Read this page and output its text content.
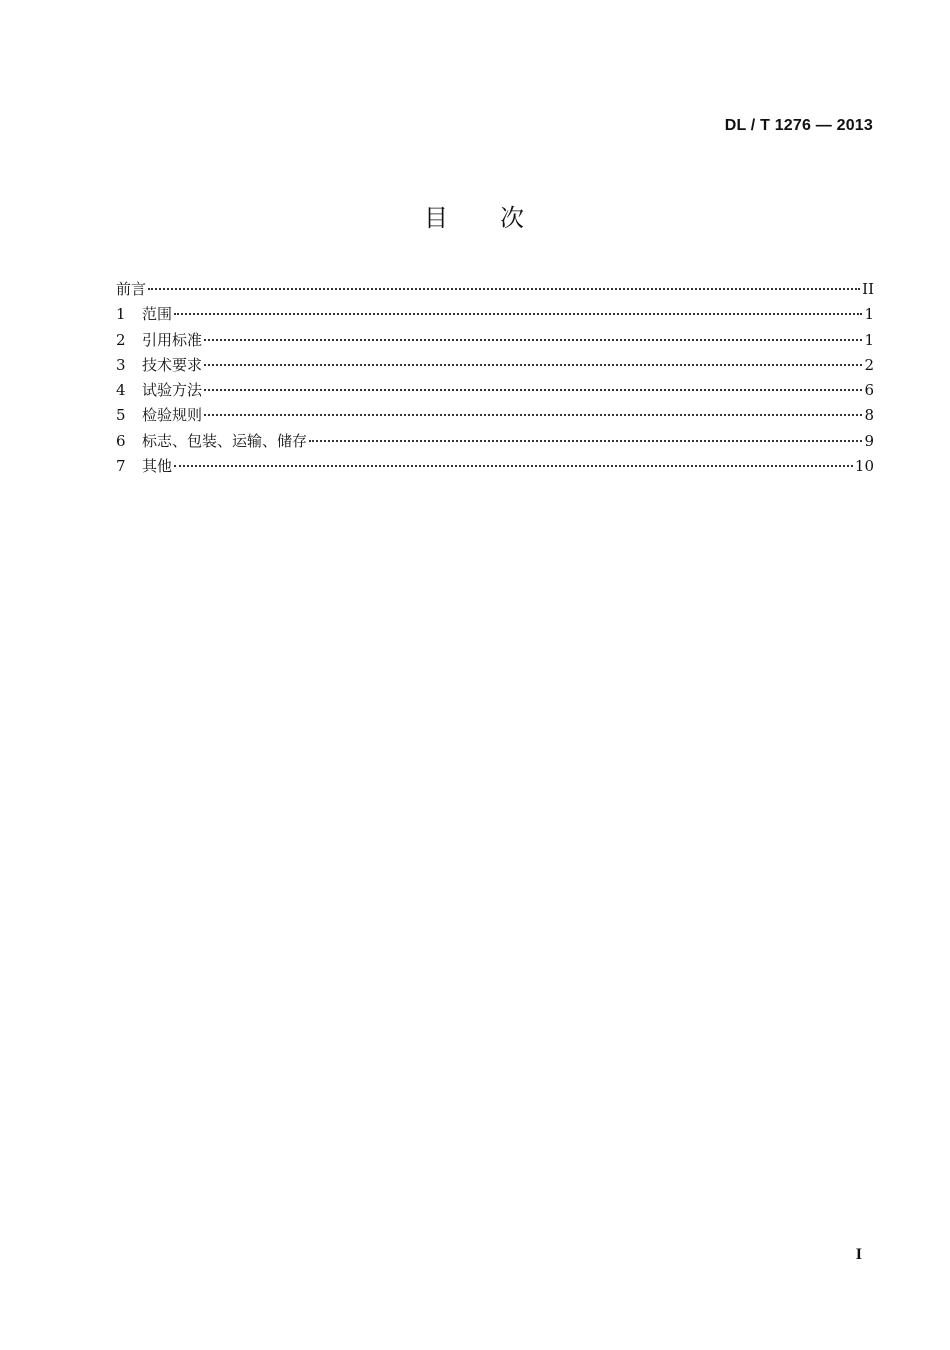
DL / T 1276 — 2013
目 次
前言	II
1	范围	1
2	引用标准	1
3	技术要求	2
4	试验方法	6
5	检验规则	8
6	标志、包装、运输、储存	9
7	其他	10
I
